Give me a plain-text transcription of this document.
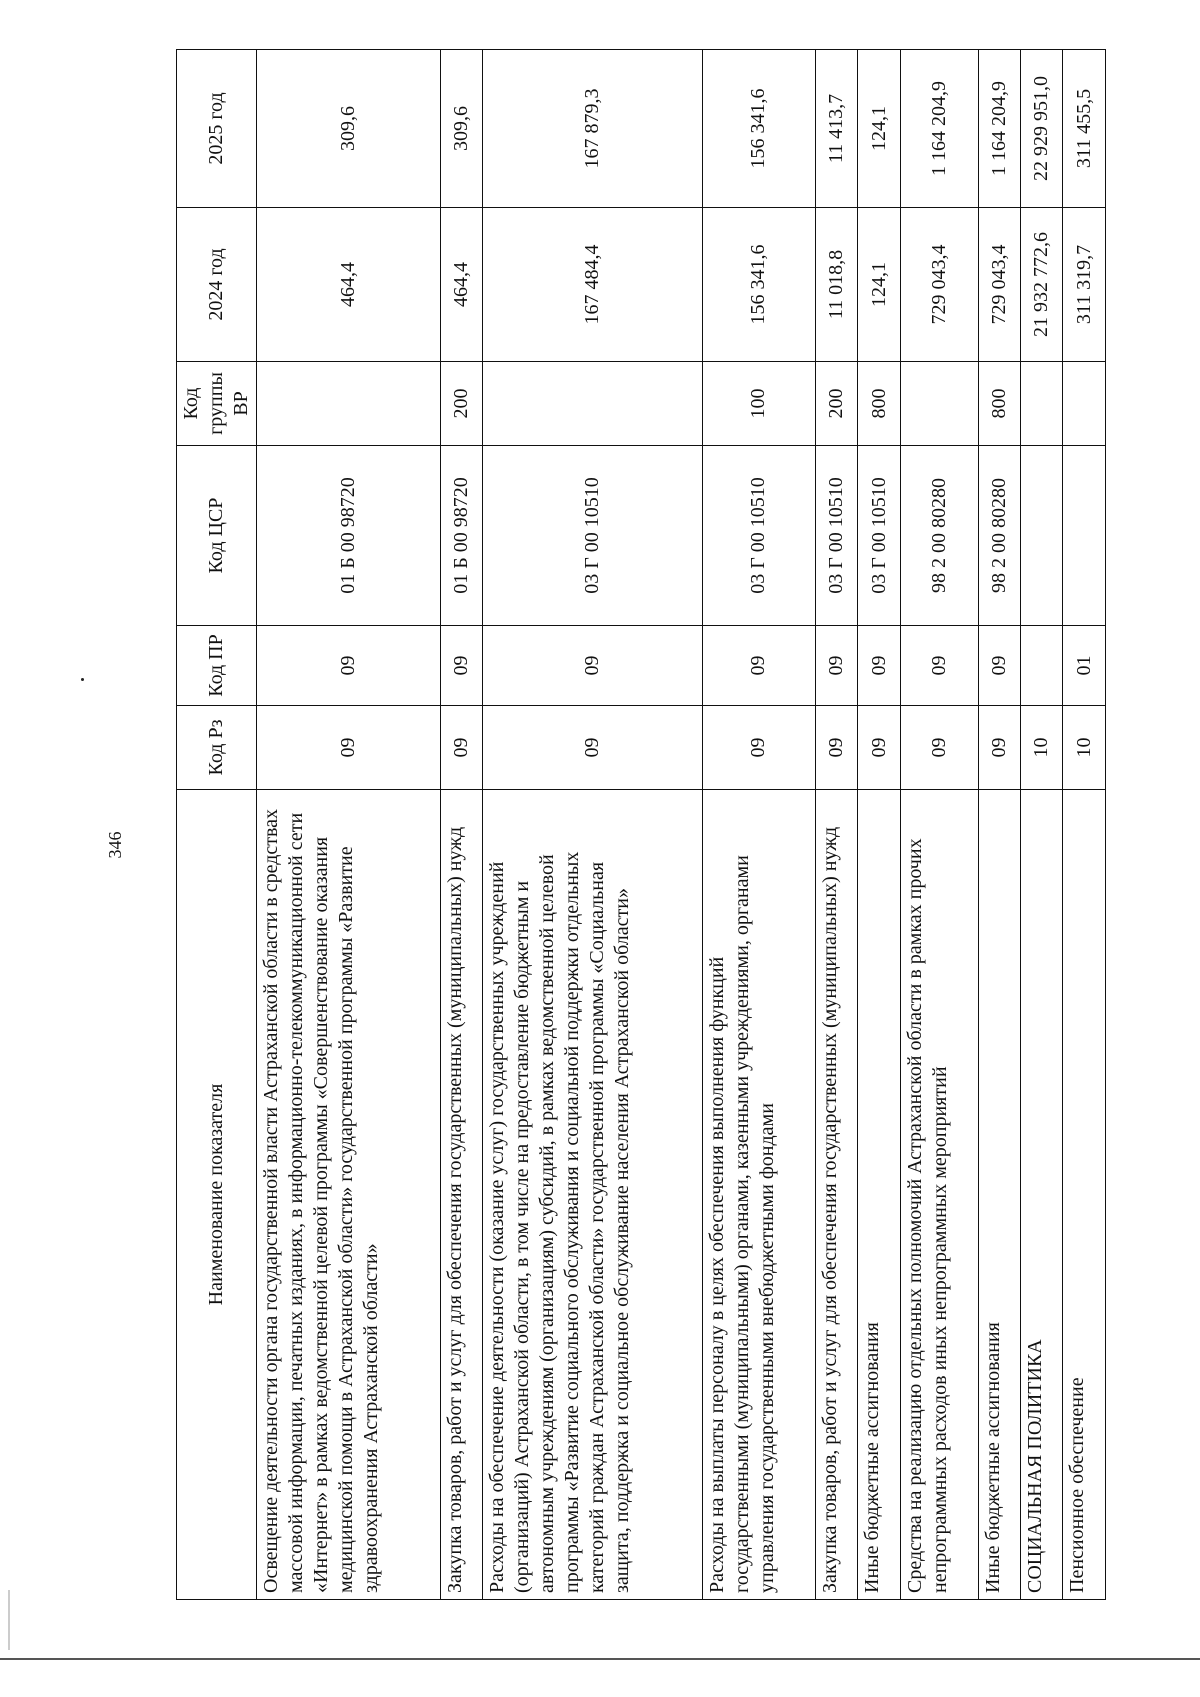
346
Наименование показателя	Код Рз	Код ПР	Код ЦСР	Код группы ВР	2024 год	2025 год
Освещение деятельности органа государственной власти Астраханской области в средствах массовой информации, печатных изданиях, в информационно-телекоммуникационной сети «Интернет» в рамках ведомственной целевой программы «Совершенствование оказания медицинской помощи в Астраханской области» государственной программы «Развитие здравоохранения Астраханской области»	09	09	01 Б 00 98720		464,4	309,6
Закупка товаров, работ и услуг для обеспечения государственных (муниципальных) нужд	09	09	01 Б 00 98720	200	464,4	309,6
Расходы на обеспечение деятельности (оказание услуг) государственных учреждений (организаций) Астраханской области, в том числе на предоставление бюджетным и автономным учреждениям (организациям) субсидий, в рамках ведомственной целевой программы «Развитие социального обслуживания и социальной поддержки отдельных категорий граждан Астраханской области» государственной программы «Социальная защита, поддержка и социальное обслуживание населения Астраханской области»	09	09	03 Г 00 10510		167 484,4	167 879,3
Расходы на выплаты персоналу в целях обеспечения выполнения функций государственными (муниципальными) органами, казенными учреждениями, органами управления государственными внебюджетными фондами	09	09	03 Г 00 10510	100	156 341,6	156 341,6
Закупка товаров, работ и услуг для обеспечения государственных (муниципальных) нужд	09	09	03 Г 00 10510	200	11 018,8	11 413,7
Иные бюджетные ассигнования	09	09	03 Г 00 10510	800	124,1	124,1
Средства на реализацию отдельных полномочий Астраханской области в рамках прочих непрограммных расходов иных непрограммных мероприятий	09	09	98 2 00 80280		729 043,4	1 164 204,9
Иные бюджетные ассигнования	09	09	98 2 00 80280	800	729 043,4	1 164 204,9
СОЦИАЛЬНАЯ ПОЛИТИКА	10				21 932 772,6	22 929 951,0
Пенсионное обеспечение	10	01			311 319,7	311 455,5
